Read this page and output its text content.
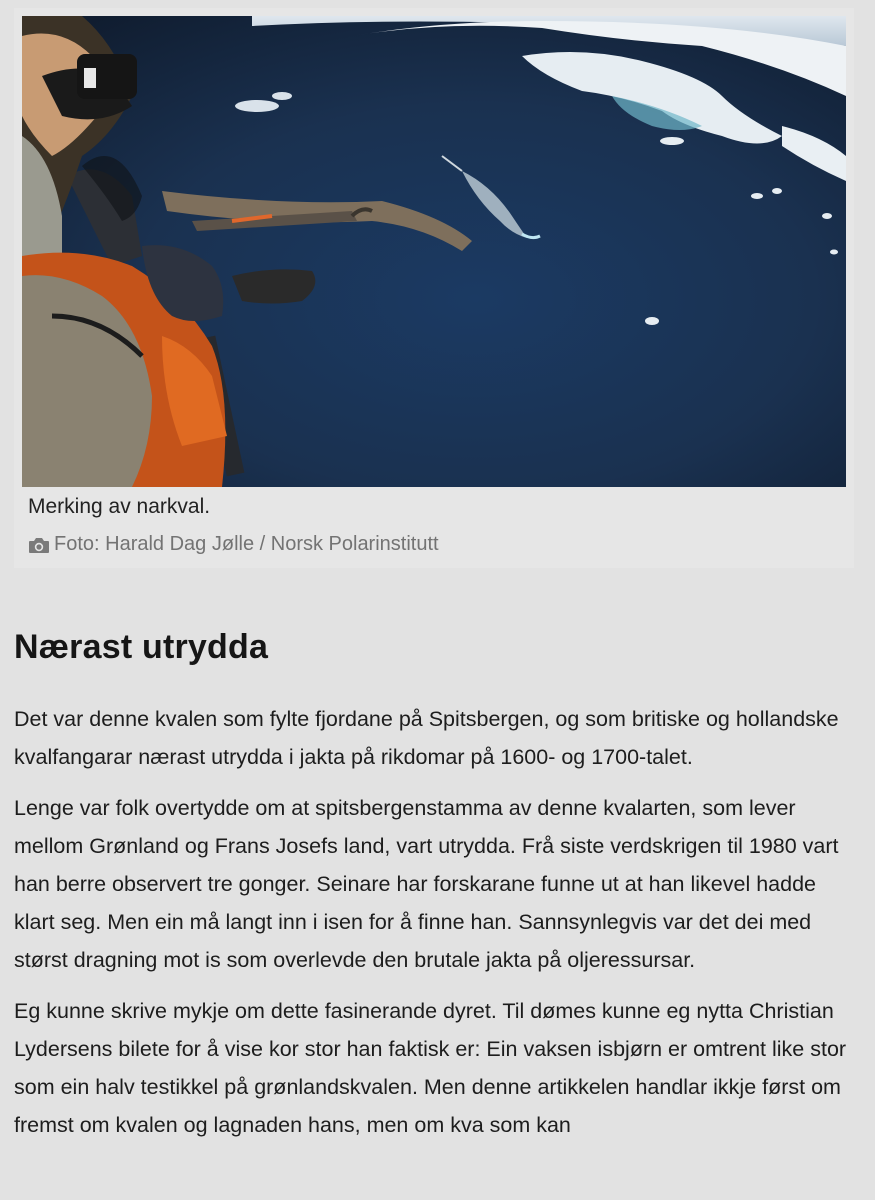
Merking av narkval.
Foto: Harald Dag Jølle / Norsk Polarinstitutt
Nærast utrydda

Det var denne kvalen som fylte fjordane på Spitsbergen, og som britiske og hollandske kvalfangarar nærast utrydda i jakta på rikdomar på 1600- og 1700-talet.

Lenge var folk overtydde om at spitsbergenstamma av denne kvalarten, som lever mellom Grønland og Frans Josefs land, vart utrydda. Frå siste verdskrigen til 1980 vart han berre observert tre gonger. Seinare har forskarane funne ut at han likevel hadde klart seg. Men ein må langt inn i isen for å finne han. Sannsynlegvis var det dei med størst dragning mot is som overlevde den brutale jakta på oljeressursar.

Eg kunne skrive mykje om dette fasinerande dyret. Til dømes kunne eg nytta Christian Lydersens bilete for å vise kor stor han faktisk er: Ein vaksen isbjørn er omtrent like stor som ein halv testikkel på grønlandskvalen. Men denne artikkelen handlar ikkje først om fremst om kvalen og lagnaden hans, men om kva som kan
